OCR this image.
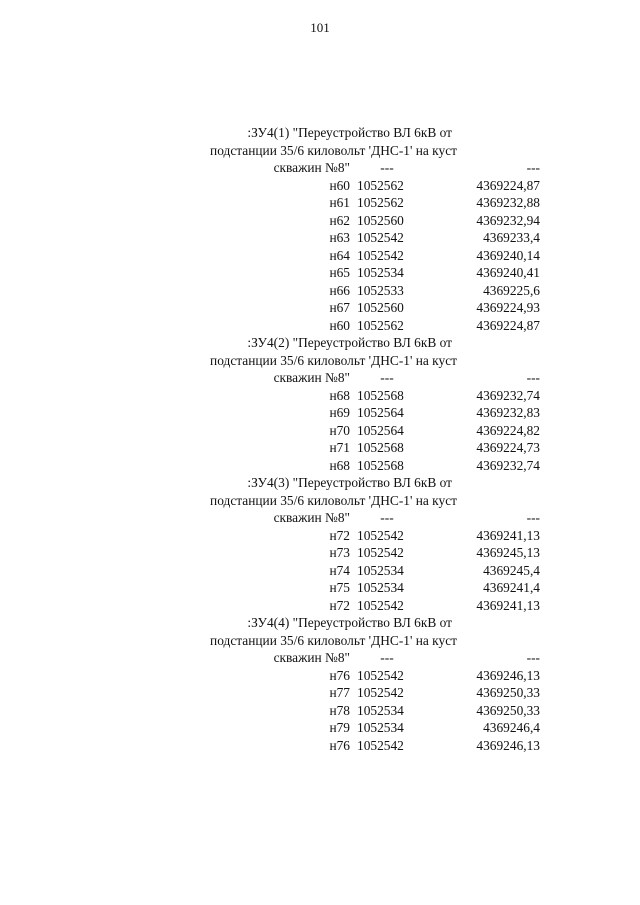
101
:ЗУ4(1) "Переустройство ВЛ 6кВ от
подстанции 35/6 киловольт 'ДНС-1' на куст
скважин №8"	---	---
н60 1052562	4369224,87
н61 1052562	4369232,88
н62 1052560	4369232,94
н63 1052542	4369233,4
н64 1052542	4369240,14
н65 1052534	4369240,41
н66 1052533	4369225,6
н67 1052560	4369224,93
н60 1052562	4369224,87
:ЗУ4(2) "Переустройство ВЛ 6кВ от
подстанции 35/6 киловольт 'ДНС-1' на куст
скважин №8"	---	---
н68 1052568	4369232,74
н69 1052564	4369232,83
н70 1052564	4369224,82
н71 1052568	4369224,73
н68 1052568	4369232,74
:ЗУ4(3) "Переустройство ВЛ 6кВ от
подстанции 35/6 киловольт 'ДНС-1' на куст
скважин №8"	---	---
н72 1052542	4369241,13
н73 1052542	4369245,13
н74 1052534	4369245,4
н75 1052534	4369241,4
н72 1052542	4369241,13
:ЗУ4(4) "Переустройство ВЛ 6кВ от
подстанции 35/6 киловольт 'ДНС-1' на куст
скважин №8"	---	---
н76 1052542	4369246,13
н77 1052542	4369250,33
н78 1052534	4369250,33
н79 1052534	4369246,4
н76 1052542	4369246,13
